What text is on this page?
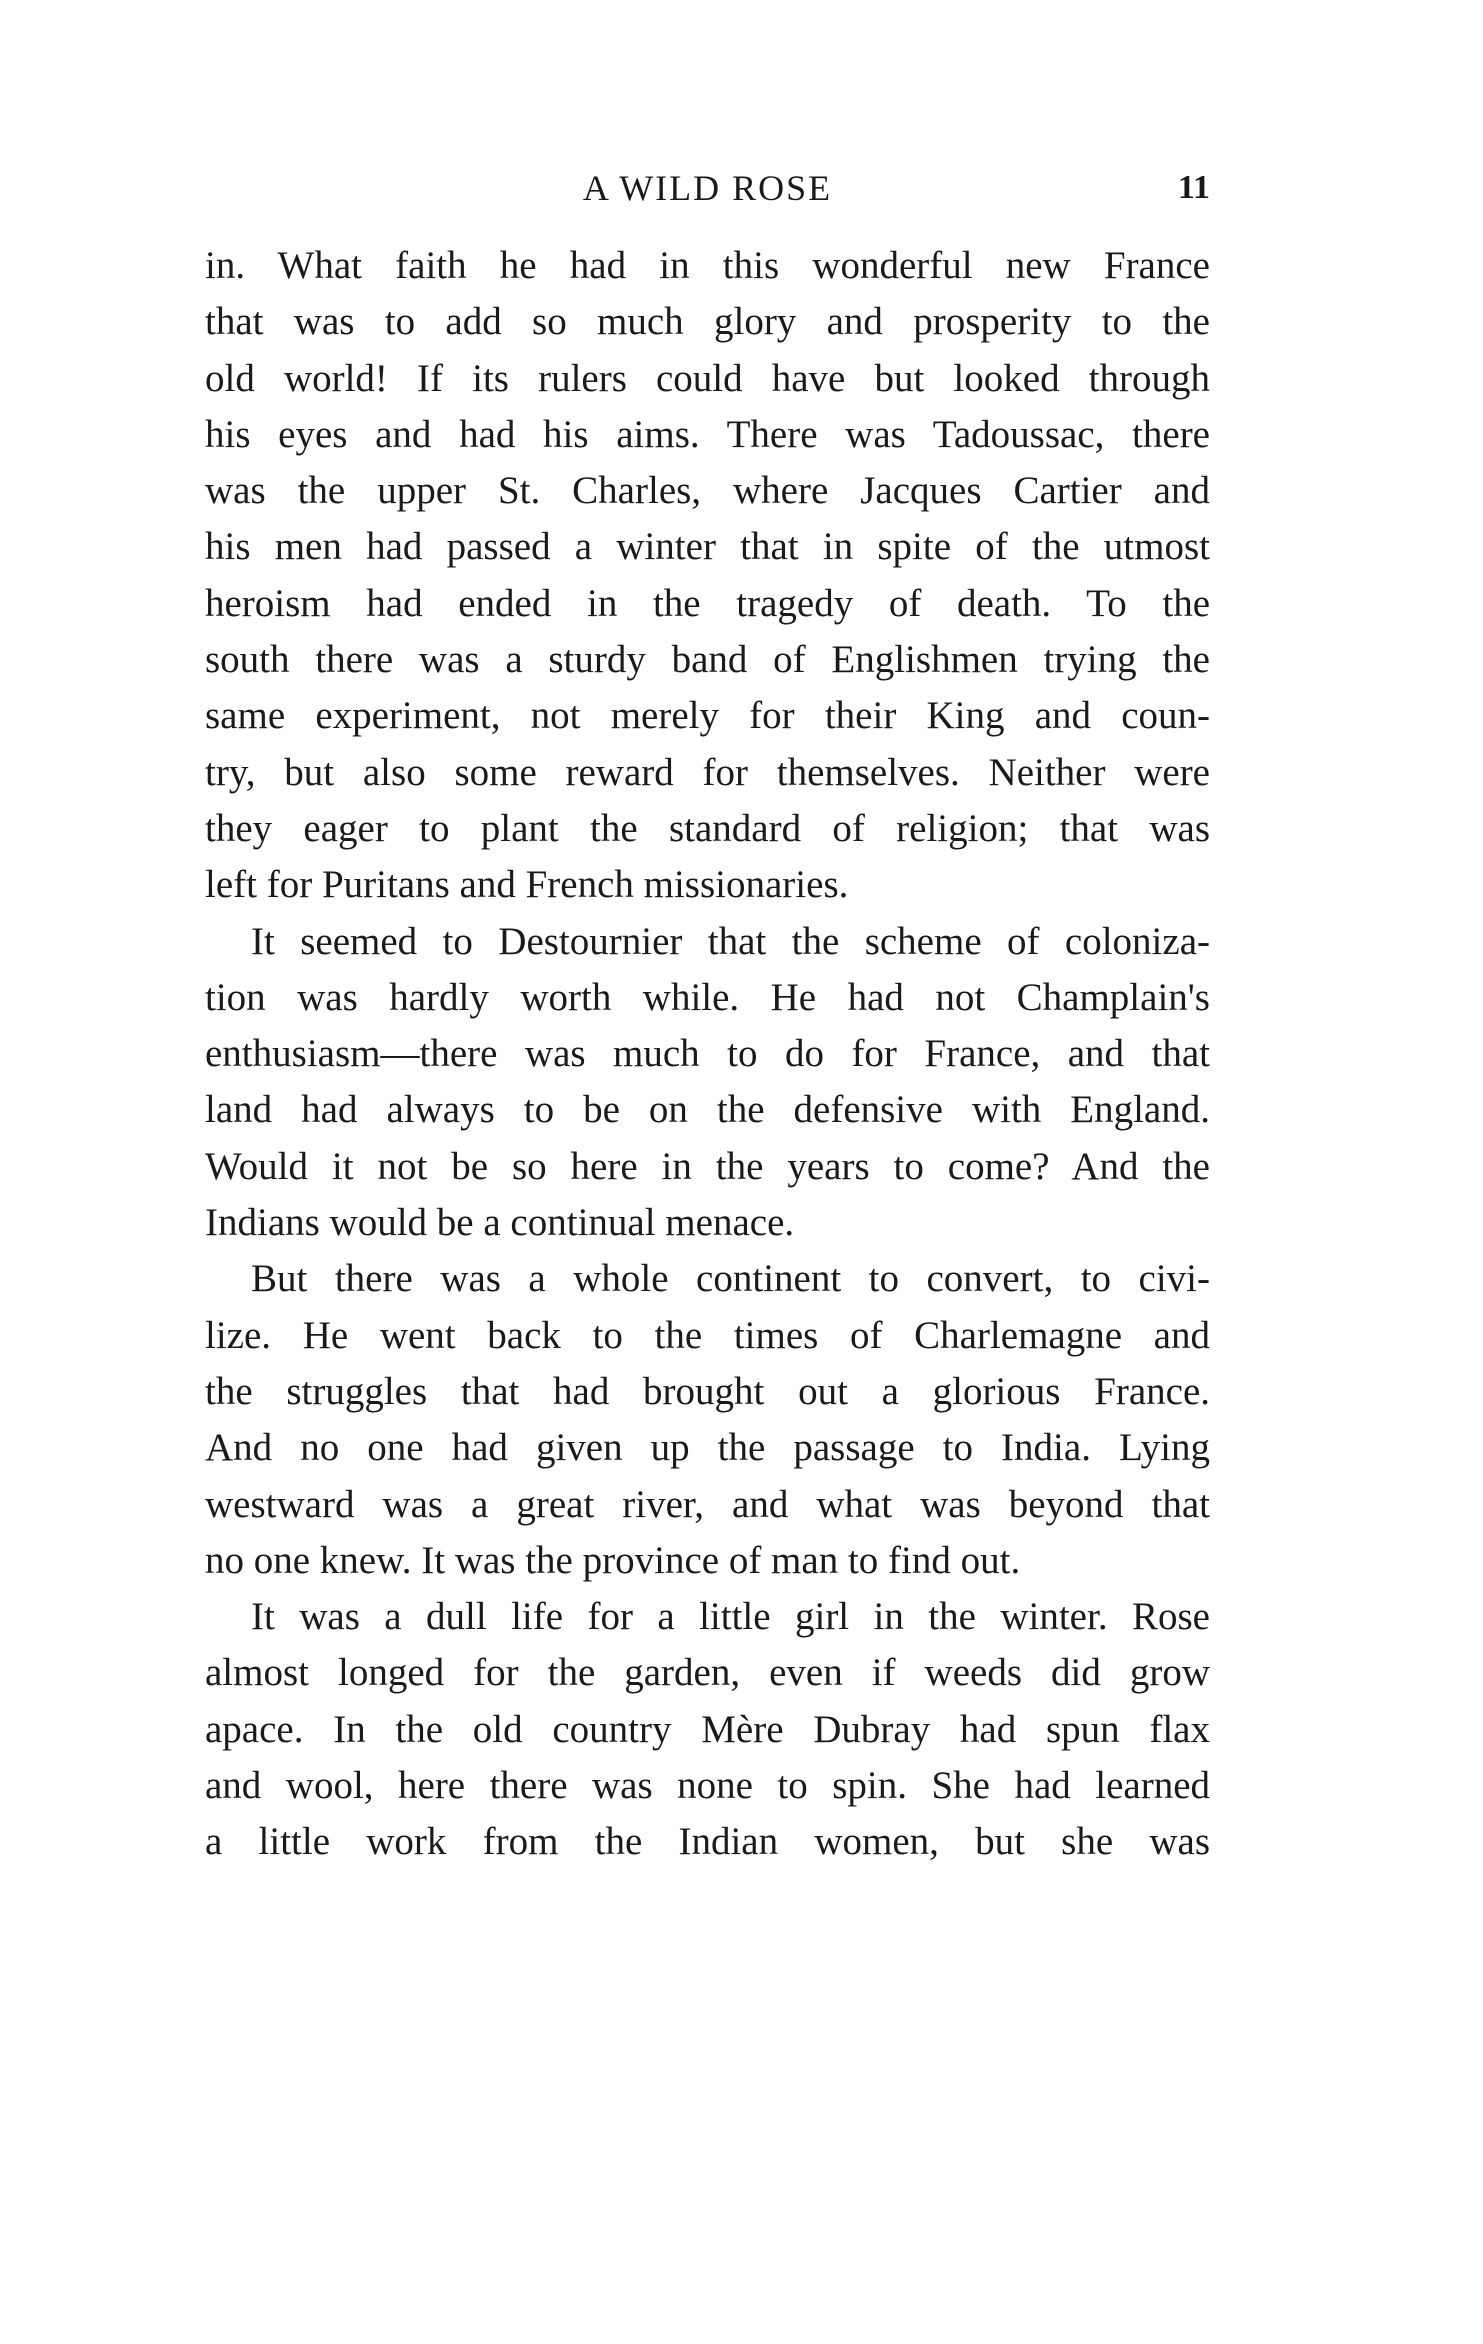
A WILD ROSE	11
in. What faith he had in this wonderful new France
that was to add so much glory and prosperity to the
old world! If its rulers could have but looked through
his eyes and had his aims. There was Tadoussac, there
was the upper St. Charles, where Jacques Cartier and
his men had passed a winter that in spite of the utmost
heroism had ended in the tragedy of death. To the
south there was a sturdy band of Englishmen trying the
same experiment, not merely for their King and coun-
try, but also some reward for themselves. Neither were
they eager to plant the standard of religion; that was
left for Puritans and French missionaries.
It seemed to Destournier that the scheme of coloniza-
tion was hardly worth while. He had not Champlain's
enthusiasm—there was much to do for France, and that
land had always to be on the defensive with England.
Would it not be so here in the years to come? And the
Indians would be a continual menace.
But there was a whole continent to convert, to civi-
lize. He went back to the times of Charlemagne and
the struggles that had brought out a glorious France.
And no one had given up the passage to India. Lying
westward was a great river, and what was beyond that
no one knew. It was the province of man to find out.
It was a dull life for a little girl in the winter. Rose
almost longed for the garden, even if weeds did grow
apace. In the old country Mère Dubray had spun flax
and wool, here there was none to spin. She had learned
a little work from the Indian women, but she was
